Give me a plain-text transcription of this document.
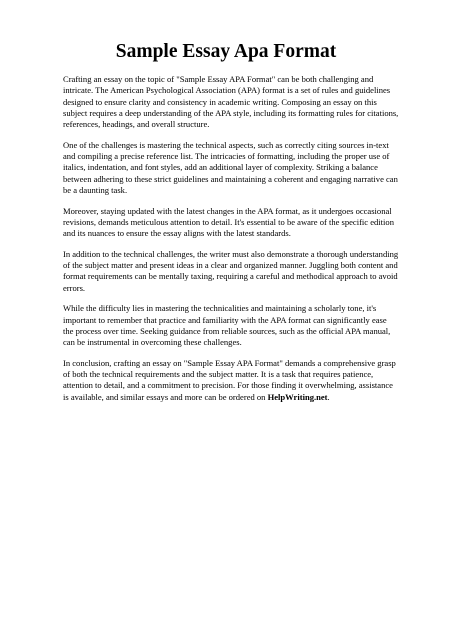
Sample Essay Apa Format

Crafting an essay on the topic of "Sample Essay APA Format" can be both challenging and intricate. The American Psychological Association (APA) format is a set of rules and guidelines designed to ensure clarity and consistency in academic writing. Composing an essay on this subject requires a deep understanding of the APA style, including its formatting rules for citations, references, headings, and overall structure.

One of the challenges is mastering the technical aspects, such as correctly citing sources in-text and compiling a precise reference list. The intricacies of formatting, including the proper use of italics, indentation, and font styles, add an additional layer of complexity. Striking a balance between adhering to these strict guidelines and maintaining a coherent and engaging narrative can be a daunting task.

Moreover, staying updated with the latest changes in the APA format, as it undergoes occasional revisions, demands meticulous attention to detail. It's essential to be aware of the specific edition and its nuances to ensure the essay aligns with the latest standards.

In addition to the technical challenges, the writer must also demonstrate a thorough understanding of the subject matter and present ideas in a clear and organized manner. Juggling both content and format requirements can be mentally taxing, requiring a careful and methodical approach to avoid errors.

While the difficulty lies in mastering the technicalities and maintaining a scholarly tone, it's important to remember that practice and familiarity with the APA format can significantly ease the process over time. Seeking guidance from reliable sources, such as the official APA manual, can be instrumental in overcoming these challenges.

In conclusion, crafting an essay on "Sample Essay APA Format" demands a comprehensive grasp of both the technical requirements and the subject matter. It is a task that requires patience, attention to detail, and a commitment to precision. For those finding it overwhelming, assistance is available, and similar essays and more can be ordered on HelpWriting.net.
